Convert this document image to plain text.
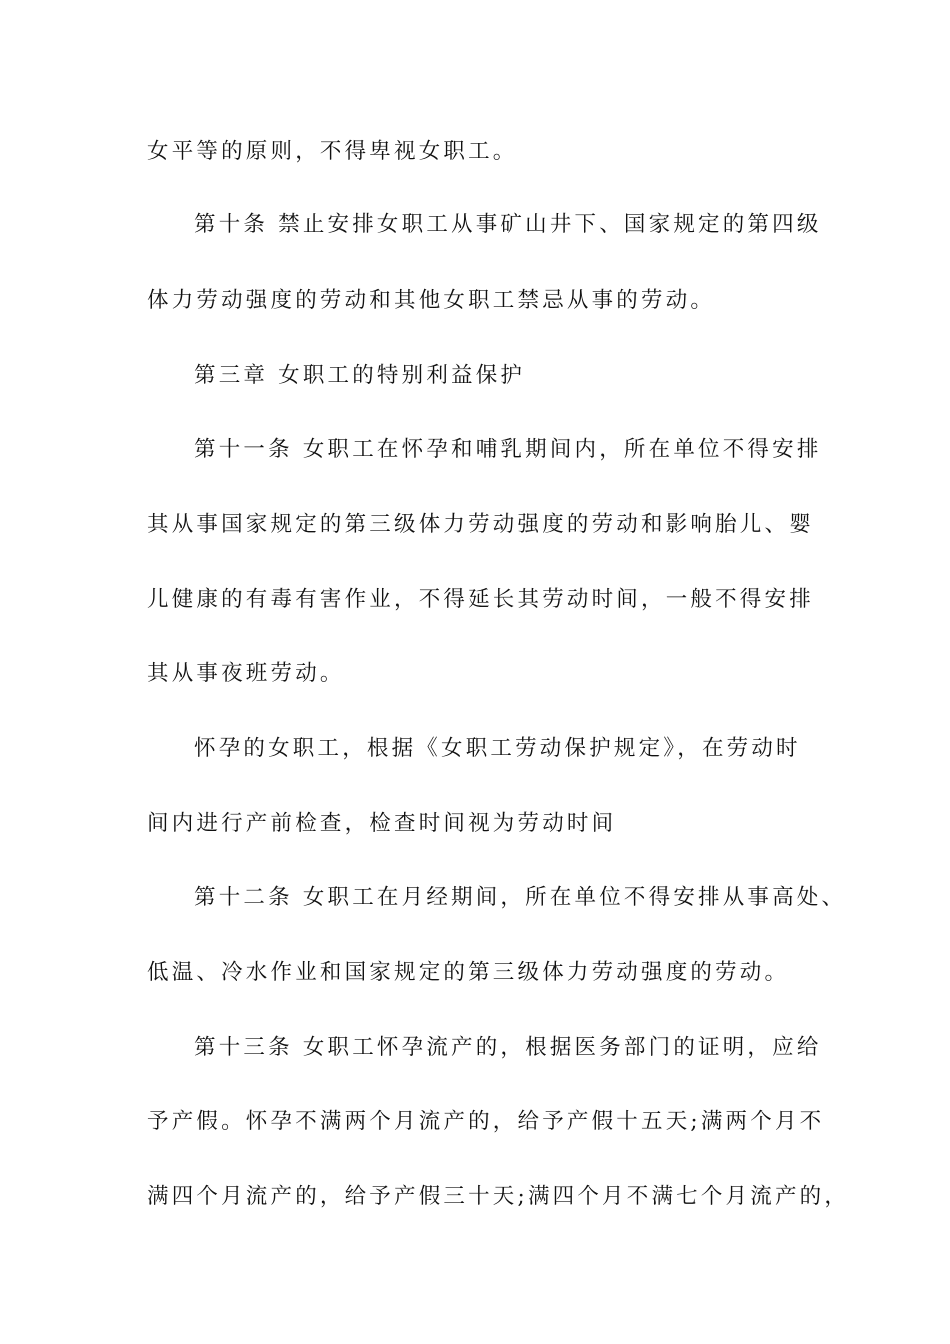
女平等的原则，不得卑视女职工。
第十条 禁止安排女职工从事矿山井下、国家规定的第四级
体力劳动强度的劳动和其他女职工禁忌从事的劳动。
第三章 女职工的特别利益保护
第十一条 女职工在怀孕和哺乳期间内，所在单位不得安排
其从事国家规定的第三级体力劳动强度的劳动和影响胎儿、婴
儿健康的有毒有害作业，不得延长其劳动时间，一般不得安排
其从事夜班劳动。
怀孕的女职工，根据《女职工劳动保护规定》，在劳动时
间内进行产前检查，检查时间视为劳动时间
第十二条 女职工在月经期间，所在单位不得安排从事高处、
低温、冷水作业和国家规定的第三级体力劳动强度的劳动。
第十三条 女职工怀孕流产的，根据医务部门的证明，应给
予产假。怀孕不满两个月流产的，给予产假十五天;满两个月不
满四个月流产的，给予产假三十天;满四个月不满七个月流产的，
